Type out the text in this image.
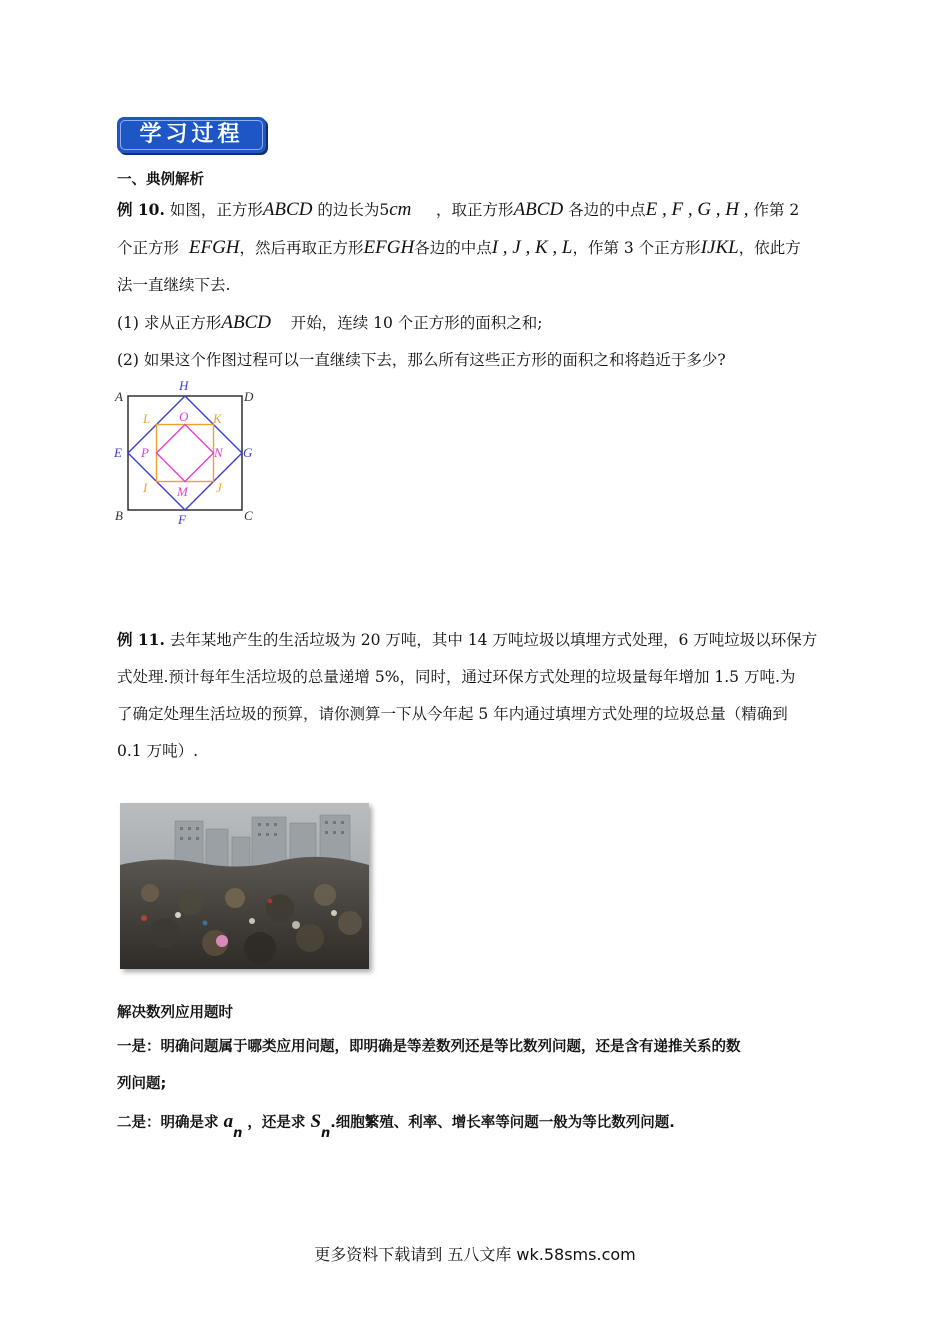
学习过程
一、典例解析
例 10. 如图，正方形ABCD 的边长为5cm ，取正方形ABCD 各边的中点E , F , G , H , 作第 2
个正方形 EFGH，然后再取正方形EFGH各边的中点I , J , K , L，作第 3 个正方形IJKL，依此方
法一直继续下去.
(1) 求从正方形ABCD 开始，连续 10 个正方形的面积之和;
(2) 如果这个作图过程可以一直继续下去，那么所有这些正方形的面积之和将趋近于多少?
A	D
B	C
H
F
E	G
L	K
I	J
O
P	N
M
例 11. 去年某地产生的生活垃圾为 20 万吨，其中 14 万吨垃圾以填埋方式处理，6 万吨垃圾以环保方
式处理.预计每年生活垃圾的总量递增 5%，同时，通过环保方式处理的垃圾量每年增加 1.5 万吨.为
了确定处理生活垃圾的预算，请你测算一下从今年起 5 年内通过填埋方式处理的垃圾总量（精确到
0.1 万吨）.
解决数列应用题时
一是：明确问题属于哪类应用问题，即明确是等差数列还是等比数列问题，还是含有递推关系的数
列问题;
二是：明确是求 an ，还是求 Sn.细胞繁殖、利率、增长率等问题一般为等比数列问题.
更多资料下载请到 五八文库 wk.58sms.com
